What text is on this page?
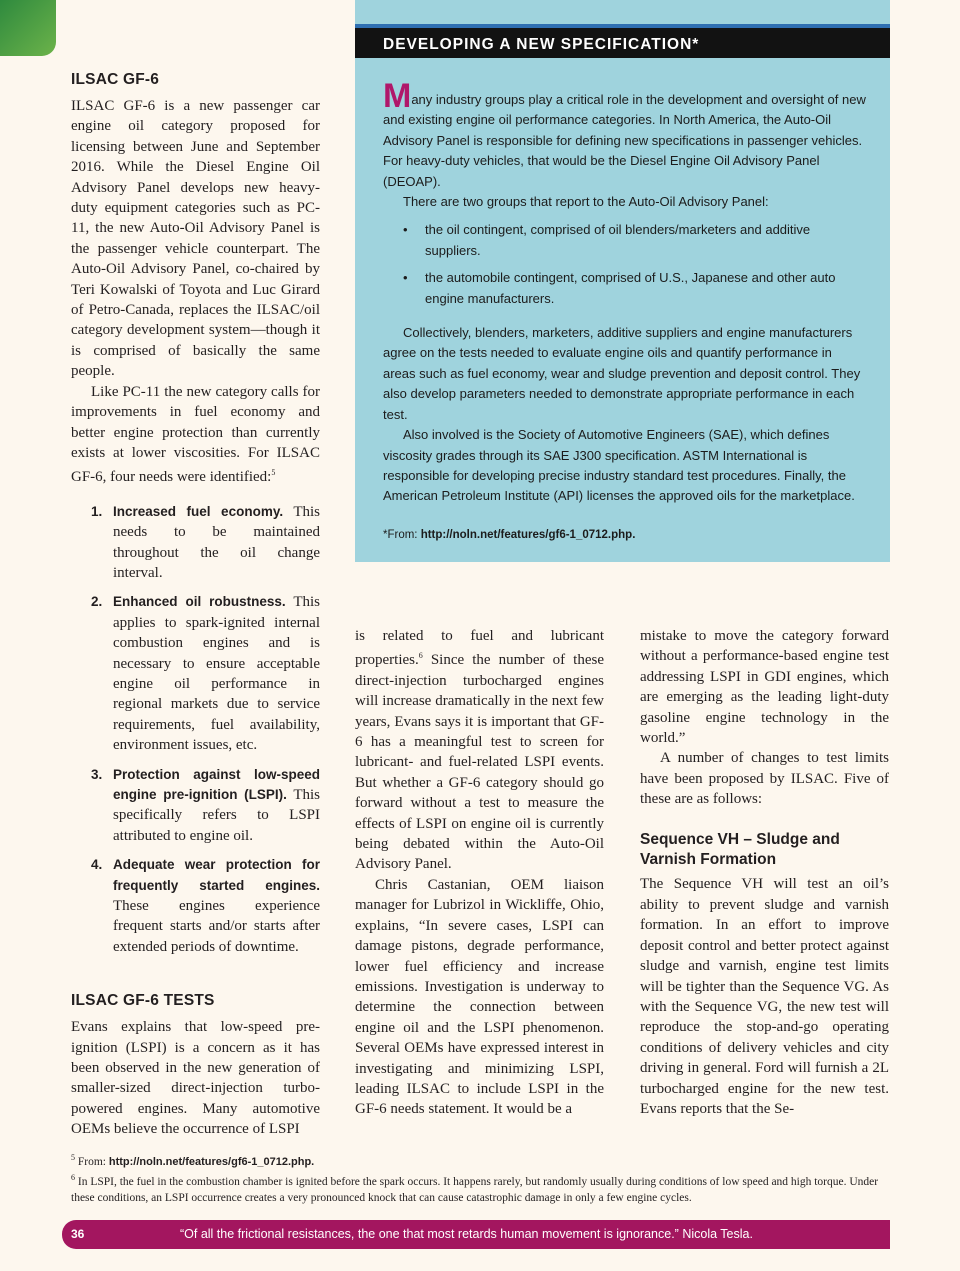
ILSAC GF-6

ILSAC GF-6 is a new passenger car engine oil category proposed for licensing between June and September 2016. While the Diesel Engine Oil Advisory Panel develops new heavy-duty equipment categories such as PC-11, the new Auto-Oil Advisory Panel is the passenger vehicle counterpart. The Auto-Oil Advisory Panel, co-chaired by Teri Kowalski of Toyota and Luc Girard of Petro-Canada, replaces the ILSAC/oil category development system—though it is comprised of basically the same people.

Like PC-11 the new category calls for improvements in fuel economy and better engine protection than currently exists at lower viscosities. For ILSAC GF-6, four needs were identified:$^5$

1. Increased fuel economy. This needs to be maintained throughout the oil change interval.
2. Enhanced oil robustness. This applies to spark-ignited internal combustion engines and is necessary to ensure acceptable engine oil performance in regional markets due to service requirements, fuel availability, environment issues, etc.
3. Protection against low-speed engine pre-ignition (LSPI). This specifically refers to LSPI attributed to engine oil.
4. Adequate wear protection for frequently started engines. These engines experience frequent starts and/or starts after extended periods of downtime.
ILSAC GF-6 TESTS

Evans explains that low-speed pre-ignition (LSPI) is a concern as it has been observed in the new generation of smaller-sized direct-injection turbo-powered engines. Many automotive OEMs believe the occurrence of LSPI

DEVELOPING A NEW SPECIFICATION*

Many industry groups play a critical role in the development and oversight of new and existing engine oil performance categories. In North America, the Auto-Oil Advisory Panel is responsible for defining new specifications in passenger vehicles. For heavy-duty vehicles, that would be the Diesel Engine Oil Advisory Panel (DEOAP).

There are two groups that report to the Auto-Oil Advisory Panel:

• the oil contingent, comprised of oil blenders/marketers and additive suppliers.
• the automobile contingent, comprised of U.S., Japanese and other auto engine manufacturers.

Collectively, blenders, marketers, additive suppliers and engine manufacturers agree on the tests needed to evaluate engine oils and quantify performance in areas such as fuel economy, wear and sludge prevention and deposit control. They also develop parameters needed to demonstrate appropriate performance in each test.

Also involved is the Society of Automotive Engineers (SAE), which defines viscosity grades through its SAE J300 specification. ASTM International is responsible for developing precise industry standard test procedures. Finally, the American Petroleum Institute (API) licenses the approved oils for the marketplace.

*From: http://noln.net/features/gf6-1_0712.php.

is related to fuel and lubricant properties.$^6$ Since the number of these direct-injection turbocharged engines will increase dramatically in the next few years, Evans says it is important that GF-6 has a meaningful test to screen for lubricant- and fuel-related LSPI events. But whether a GF-6 category should go forward without a test to measure the effects of LSPI on engine oil is currently being debated within the Auto-Oil Advisory Panel.

Chris Castanian, OEM liaison manager for Lubrizol in Wickliffe, Ohio, explains, “In severe cases, LSPI can damage pistons, degrade performance, lower fuel efficiency and increase emissions. Investigation is underway to determine the connection between engine oil and the LSPI phenomenon. Several OEMs have expressed interest in investigating and minimizing LSPI, leading ILSAC to include LSPI in the GF-6 needs statement. It would be a

mistake to move the category forward without a performance-based engine test addressing LSPI in GDI engines, which are emerging as the leading light-duty gasoline engine technology in the world.”

A number of changes to test limits have been proposed by ILSAC. Five of these are as follows:

Sequence VH – Sludge and Varnish Formation

The Sequence VH will test an oil’s ability to prevent sludge and varnish formation. In an effort to improve deposit control and better protect against sludge and varnish, engine test limits will be tighter than the Sequence VG. As with the Sequence VG, the new test will reproduce the stop-and-go operating conditions of delivery vehicles and city driving in general. Ford will furnish a 2L turbocharged engine for the new test. Evans reports that the Se-

$^5$ From: http://noln.net/features/gf6-1_0712.php.

$^6$ In LSPI, the fuel in the combustion chamber is ignited before the spark occurs. It happens rarely, but randomly usually during conditions of low speed and high torque. Under these conditions, an LSPI occurrence creates a very pronounced knock that can cause catastrophic damage in only a few engine cycles.

36	“Of all the frictional resistances, the one that most retards human movement is ignorance.” Nicola Tesla.
